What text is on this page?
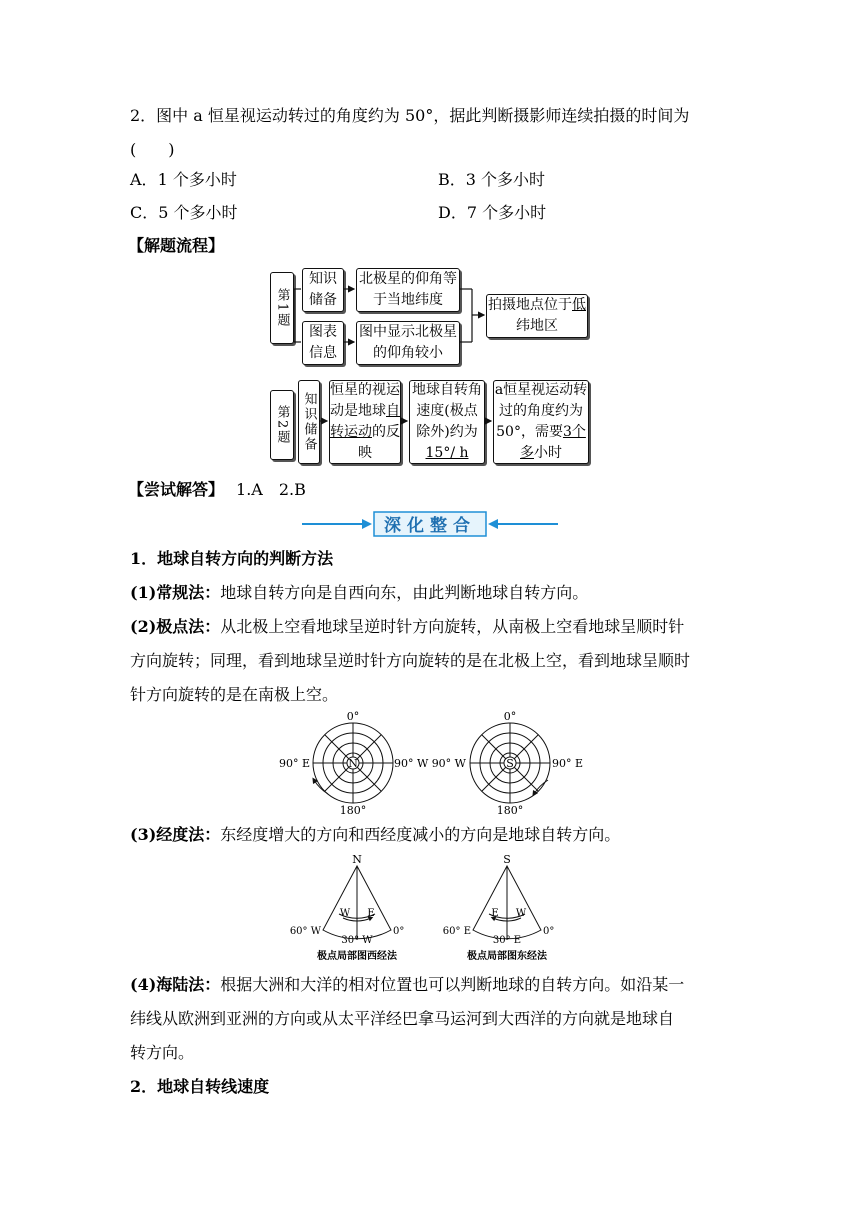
2．图中 a 恒星视运动转过的角度约为 50°，据此判断摄影师连续拍摄的时间为
(　　)
A．1 个多小时	B．3 个多小时
C．5 个多小时	D．7 个多小时
【解题流程】
第1题
知识储备
北极星的仰角等于当地纬度
图表信息
图中显示北极星的仰角较小
拍摄地点位于低纬地区
第2题 知识储备
恒星的视运动是地球自转运动的反映
地球自转角速度(极点除外)约为15°/ h
a恒星视运动转过的角度约为50°，需要3个多小时
【尝试解答】 1.A　2.B
深化整合
1．地球自转方向的判断方法
(1)常规法：地球自转方向是自西向东，由此判断地球自转方向。
(2)极点法：从北极上空看地球呈逆时针方向旋转，从南极上空看地球呈顺时针
方向旋转；同理，看到地球呈逆时针方向旋转的是在北极上空，看到地球呈顺时
针方向旋转的是在南极上空。
N
0°
90° E	90° W
180°
S
0°
90° W	90° E
180°
(3)经度法：东经度增大的方向和西经度减小的方向是地球自转方向。
N
W E
60° W
30° W
0°
极点局部图西经法
S
E W
60° E
30° E
0°
极点局部图东经法
(4)海陆法：根据大洲和大洋的相对位置也可以判断地球的自转方向。如沿某一
纬线从欧洲到亚洲的方向或从太平洋经巴拿马运河到大西洋的方向就是地球自
转方向。
2．地球自转线速度
